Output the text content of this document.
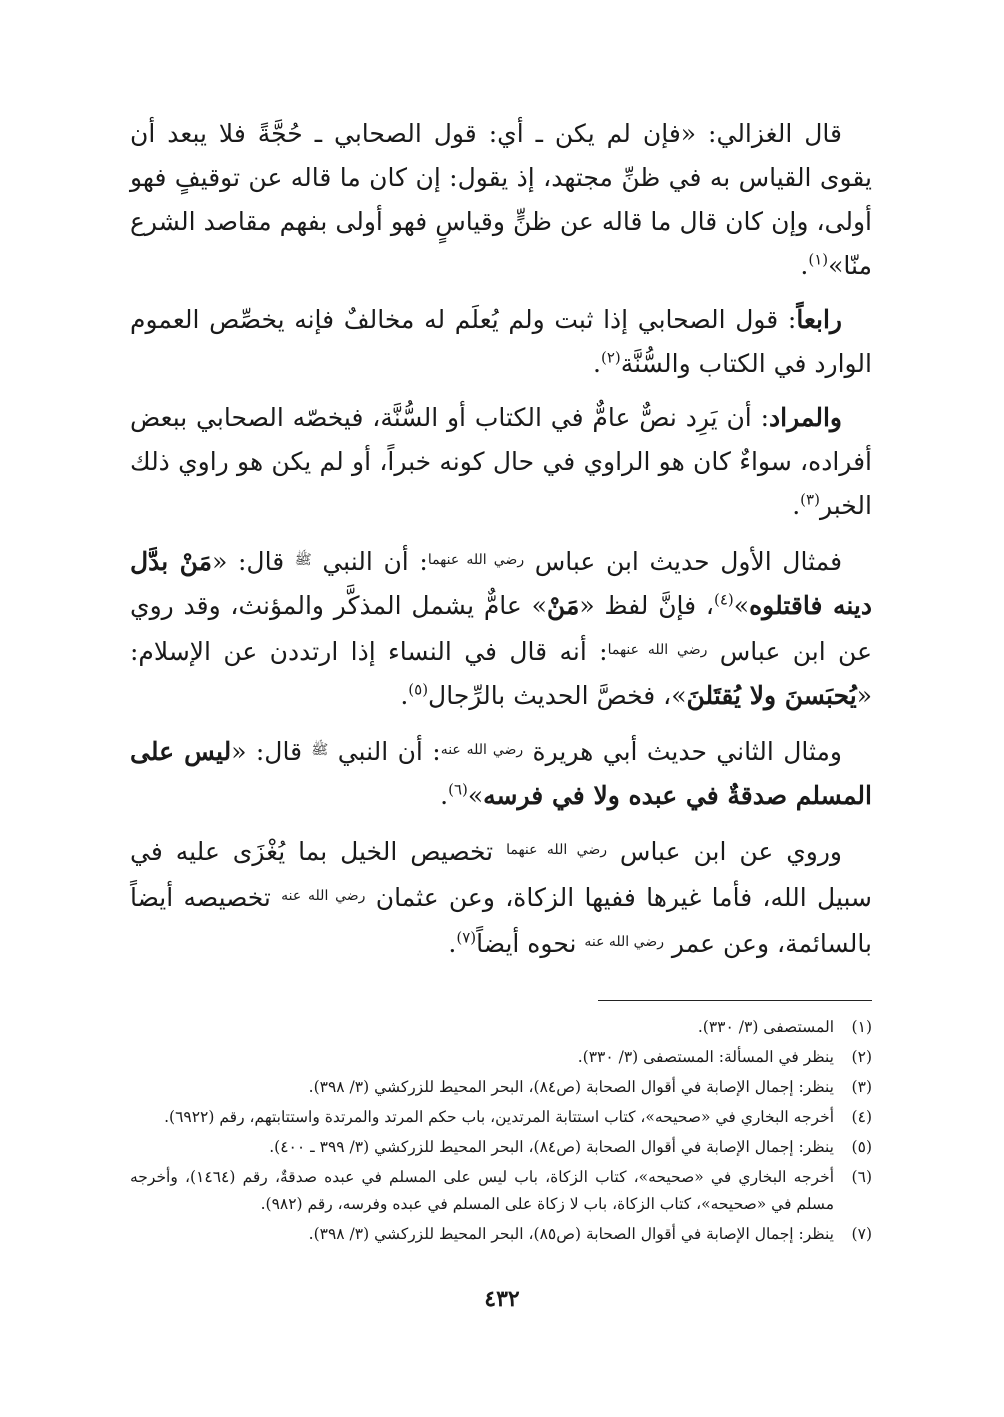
قال الغزالي: «فإن لم يكن ـ أي: قول الصحابي ـ حُجَّةً فلا يبعد أن يقوى القياس به في ظنِّ مجتهد، إذ يقول: إن كان ما قاله عن توقيفٍ فهو أولى، وإن كان قال ما قاله عن ظنٍّ وقياسٍ فهو أولى بفهم مقاصد الشرع منّا»$^{(١)}$.

رابعاً: قول الصحابي إذا ثبت ولم يُعلَم له مخالفٌ فإنه يخصِّص العموم الوارد في الكتاب والسُّنَّة$^{(٢)}$.

والمراد: أن يَرِد نصٌّ عامٌّ في الكتاب أو السُّنَّة، فيخصّه الصحابي ببعض أفراده، سواءٌ كان هو الراوي في حال كونه خبراً، أو لم يكن هو راوي ذلك الخبر$^{(٣)}$.

فمثال الأول حديث ابن عباس $^{رضي الله عنهما}$: أن النبي $^ﷺ$ قال: «مَنْ بدَّل دينه فاقتلوه»$^{(٤)}$، فإنَّ لفظ «مَنْ» عامٌّ يشمل المذكَّر والمؤنث، وقد روي عن ابن عباس $^{رضي الله عنهما}$: أنه قال في النساء إذا ارتددن عن الإسلام: «يُحبَسنَ ولا يُقتَلنَ»، فخصَّ الحديث بالرِّجال$^{(٥)}$.

ومثال الثاني حديث أبي هريرة $^{رضي الله عنه}$: أن النبي $^ﷺ$ قال: «ليس على المسلم صدقةٌ في عبده ولا في فرسه»$^{(٦)}$.

وروي عن ابن عباس $^{رضي الله عنهما}$ تخصيص الخيل بما يُغْزَى عليه في سبيل الله، فأما غيرها ففيها الزكاة، وعن عثمان $^{رضي الله عنه}$ تخصيصه أيضاً بالسائمة، وعن عمر $^{رضي الله عنه}$ نحوه أيضاً$^{(٧)}$.

(١)
المستصفى (٣/ ٣٣٠).
(٢)
ينظر في المسألة: المستصفى (٣/ ٣٣٠).
(٣)
ينظر: إجمال الإصابة في أقوال الصحابة (ص٨٤)، البحر المحيط للزركشي (٣/ ٣٩٨).
(٤)
أخرجه البخاري في «صحيحه»، كتاب استتابة المرتدين، باب حكم المرتد والمرتدة واستتابتهم، رقم (٦٩٢٢).
(٥)
ينظر: إجمال الإصابة في أقوال الصحابة (ص٨٤)، البحر المحيط للزركشي (٣/ ٣٩٩ ـ ٤٠٠).
(٦)
أخرجه البخاري في «صحيحه»، كتاب الزكاة، باب ليس على المسلم في عبده صدقةٌ، رقم (١٤٦٤)، وأخرجه مسلم في «صحيحه»، كتاب الزكاة، باب لا زكاة على المسلم في عبده وفرسه، رقم (٩٨٢).
(٧)
ينظر: إجمال الإصابة في أقوال الصحابة (ص٨٥)، البحر المحيط للزركشي (٣/ ٣٩٨).
٤٣٢
